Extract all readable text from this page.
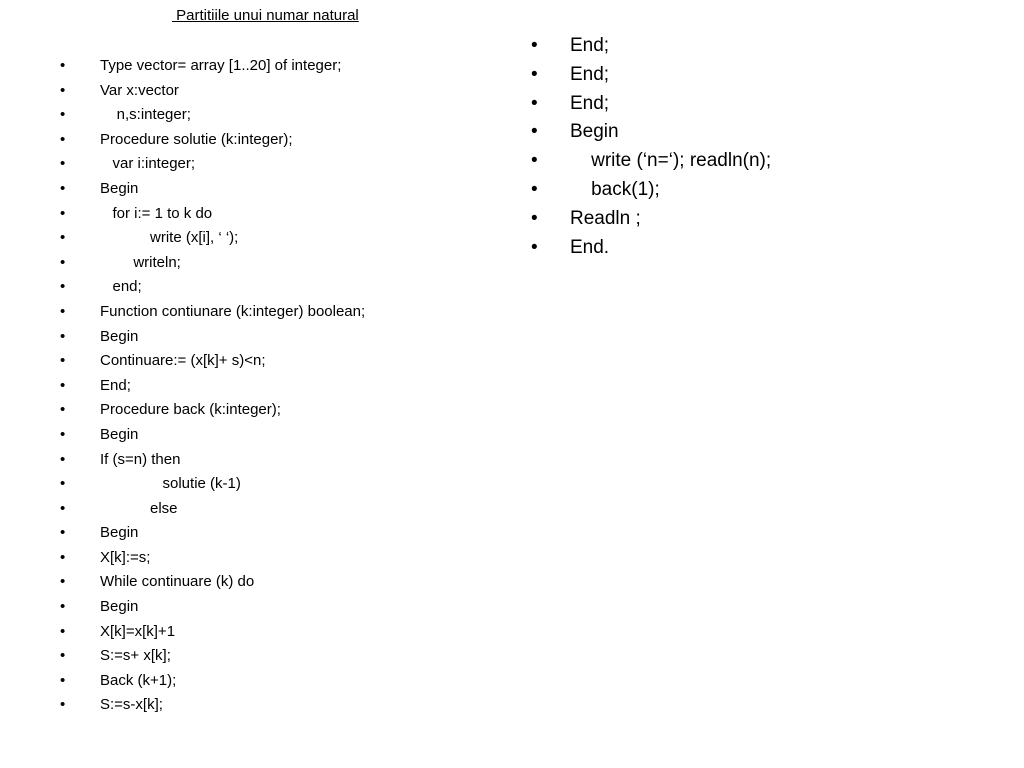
Partitiile unui numar natural
• Type vector= array [1..20] of integer;
• Var x:vector
• n,s:integer;
• Procedure solutie (k:integer);
• var i:integer;
• Begin
• for i:= 1 to k do
• write (x[i], ‘ ‘);
• writeln;
• end;
• Function contiunare (k:integer) boolean;
• Begin
• Continuare:= (x[k]+ s)<n;
• End;
• Procedure back (k:integer);
• Begin
• If (s=n) then
• solutie (k-1)
• else
• Begin
• X[k]:=s;
• While continuare (k) do
• Begin
• X[k]=x[k]+1
• S:=s+ x[k];
• Back (k+1);
• S:=s-x[k];
• End;
• End;
• End;
• Begin
• write (‘n=‘); readln(n);
• back(1);
• Readln ;
• End.
